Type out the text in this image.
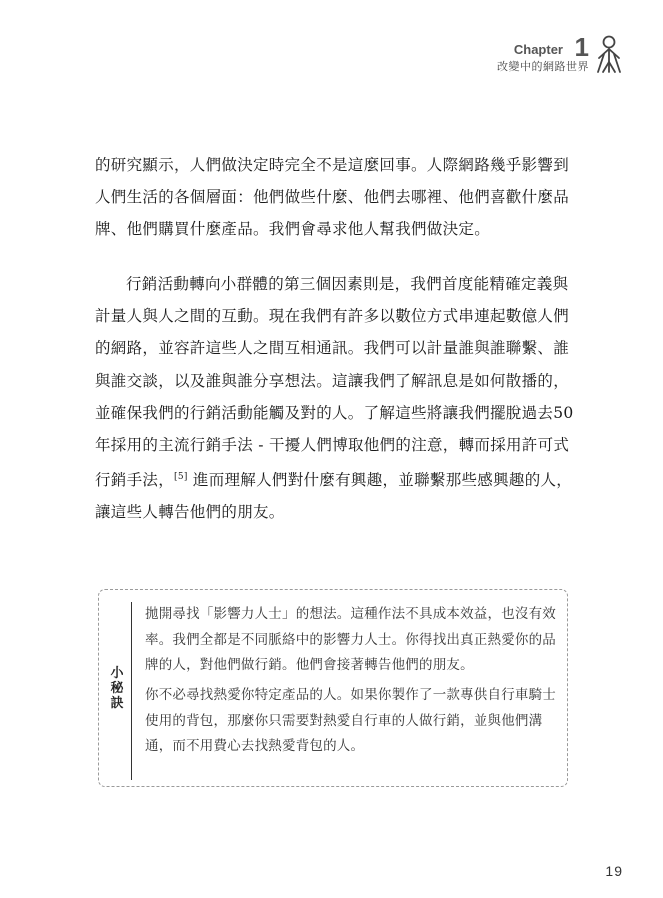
Chapter 1
改變中的網路世界

的研究顯示，人們做決定時完全不是這麼回事。人際網路幾乎影響到人們生活的各個層面：他們做些什麼、他們去哪裡、他們喜歡什麼品牌、他們購買什麼產品。我們會尋求他人幫我們做決定。

行銷活動轉向小群體的第三個因素則是，我們首度能精確定義與計量人與人之間的互動。現在我們有許多以數位方式串連起數億人們的網路，並容許這些人之間互相通訊。我們可以計量誰與誰聯繫、誰與誰交談，以及誰與誰分享想法。這讓我們了解訊息是如何散播的，並確保我們的行銷活動能觸及對的人。了解這些將讓我們擺脫過去50年採用的主流行銷手法 - 干擾人們博取他們的注意，轉而採用許可式行銷手法，[5] 進而理解人們對什麼有興趣，並聯繫那些感興趣的人，讓這些人轉告他們的朋友。

小秘訣

拋開尋找「影響力人士」的想法。這種作法不具成本效益，也沒有效率。我們全都是不同脈絡中的影響力人士。你得找出真正熱愛你的品牌的人，對他們做行銷。他們會接著轉告他們的朋友。

你不必尋找熱愛你特定產品的人。如果你製作了一款專供自行車騎士使用的背包，那麼你只需要對熱愛自行車的人做行銷，並與他們溝通，而不用費心去找熱愛背包的人。

19
